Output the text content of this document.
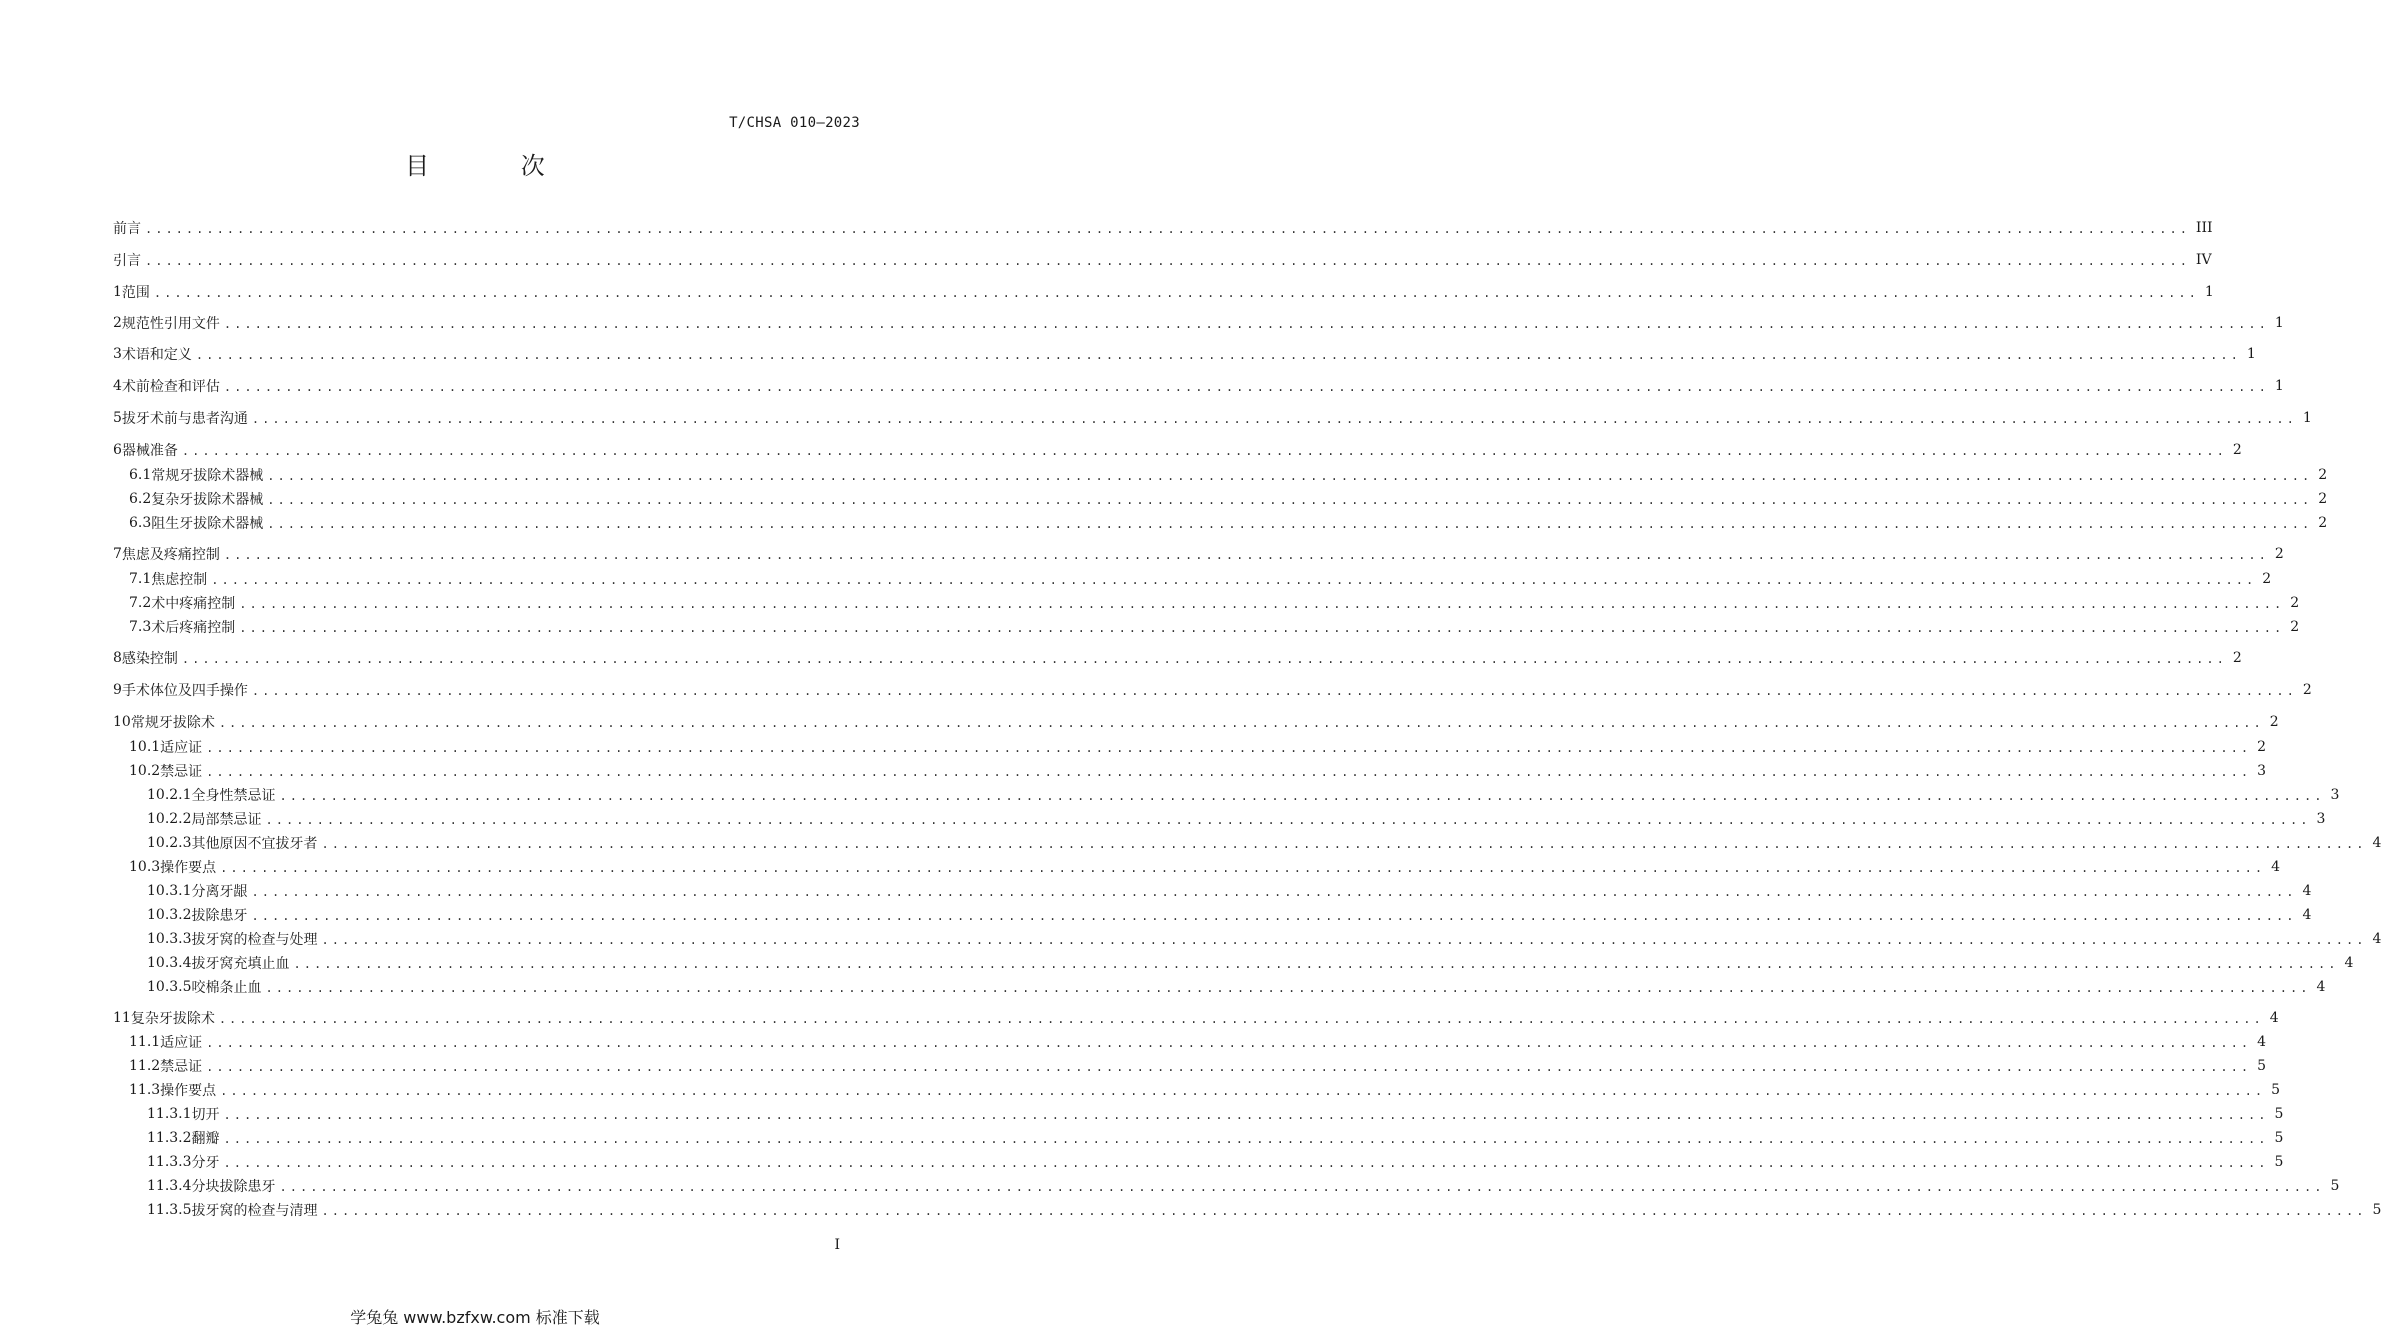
T/CHSA 010—2023
目 次
前言 ........................................................................................................................................................................................................ III
引言 ........................................................................................................................................................................................................ IV
1 范围 ........................................................................................................................................................................................................ 1
2 规范性引用文件 ........................................................................................................................................................................................................ 1
3 术语和定义 ........................................................................................................................................................................................................ 1
4 术前检查和评估 ........................................................................................................................................................................................................ 1
5 拔牙术前与患者沟通 ........................................................................................................................................................................................................ 1
6 器械准备 ........................................................................................................................................................................................................ 2
6.1 常规牙拔除术器械 ........................................................................................................................................................................................................ 2
6.2 复杂牙拔除术器械 ........................................................................................................................................................................................................ 2
6.3 阻生牙拔除术器械 ........................................................................................................................................................................................................ 2
7 焦虑及疼痛控制 ........................................................................................................................................................................................................ 2
7.1 焦虑控制 ........................................................................................................................................................................................................ 2
7.2 术中疼痛控制 ........................................................................................................................................................................................................ 2
7.3 术后疼痛控制 ........................................................................................................................................................................................................ 2
8 感染控制 ........................................................................................................................................................................................................ 2
9 手术体位及四手操作 ........................................................................................................................................................................................................ 2
10 常规牙拔除术 ........................................................................................................................................................................................................ 2
10.1 适应证 ........................................................................................................................................................................................................ 2
10.2 禁忌证 ........................................................................................................................................................................................................ 3
10.2.1 全身性禁忌证 ........................................................................................................................................................................................................ 3
10.2.2 局部禁忌证 ........................................................................................................................................................................................................ 3
10.2.3 其他原因不宜拔牙者 ........................................................................................................................................................................................................ 4
10.3 操作要点 ........................................................................................................................................................................................................ 4
10.3.1 分离牙龈 ........................................................................................................................................................................................................ 4
10.3.2 拔除患牙 ........................................................................................................................................................................................................ 4
10.3.3 拔牙窝的检查与处理 ........................................................................................................................................................................................................ 4
10.3.4 拔牙窝充填止血 ........................................................................................................................................................................................................ 4
10.3.5 咬棉条止血 ........................................................................................................................................................................................................ 4
11 复杂牙拔除术 ........................................................................................................................................................................................................ 4
11.1 适应证 ........................................................................................................................................................................................................ 4
11.2 禁忌证 ........................................................................................................................................................................................................ 5
11.3 操作要点 ........................................................................................................................................................................................................ 5
11.3.1 切开 ........................................................................................................................................................................................................ 5
11.3.2 翻瓣 ........................................................................................................................................................................................................ 5
11.3.3 分牙 ........................................................................................................................................................................................................ 5
11.3.4 分块拔除患牙 ........................................................................................................................................................................................................ 5
11.3.5 拔牙窝的检查与清理 ........................................................................................................................................................................................................ 5
I
学兔兔 www.bzfxw.com 标准下载
